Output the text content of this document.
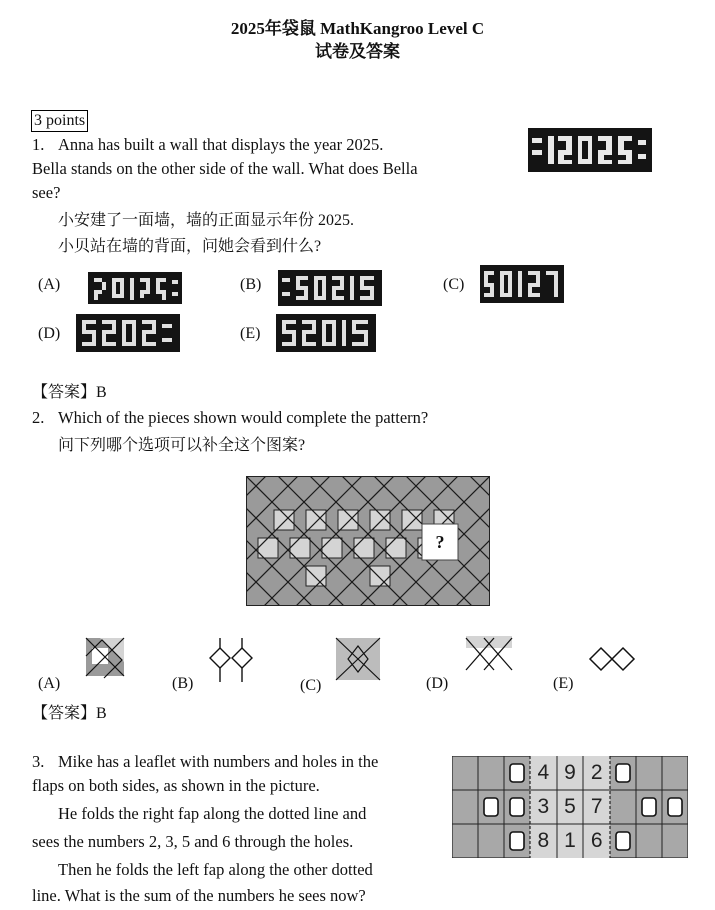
2025年袋鼠 MathKangroo Level C
试卷及答案
3 points
1. Anna has built a wall that displays the year 2025.
Bella stands on the other side of the wall. What does Bella
see?
小安建了一面墙，墙的正面显示年份 2025.
小贝站在墙的背面，问她会看到什么?
(A)	(B)	(C)
(D)	(E)
【答案】B
2. Which of the pieces shown would complete the pattern?
问下列哪个选项可以补全这个图案?
?
(A)	(B)	(C)	(D)	(E)
【答案】B
3. Mike has a leaflet with numbers and holes in the
flaps on both sides, as shown in the picture.
He folds the right fap along the dotted line and
sees the numbers 2, 3, 5 and 6 through the holes.
Then he folds the left fap along the other dotted
line. What is the sum of the numbers he sees now?
4 9 2
3 5 7
8 1 6
